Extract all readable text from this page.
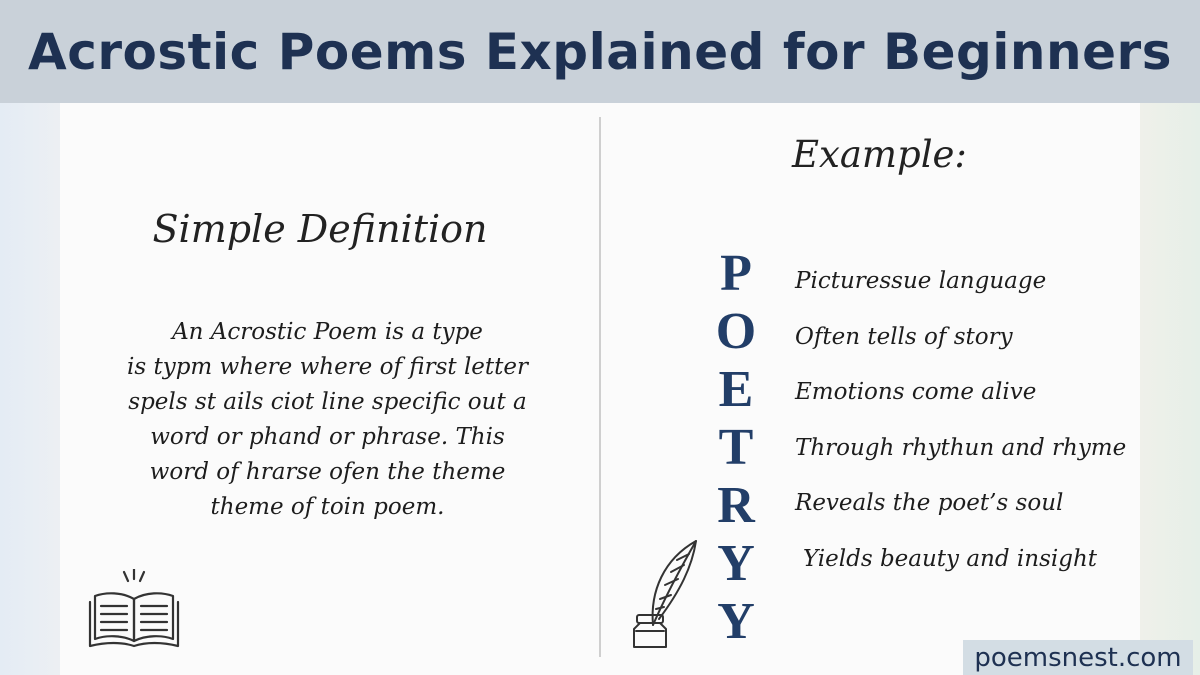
Acrostic Poems Explained for Beginners
Simple Definition
An Acrostic Poem is a type
is typm where where of first letter
spels st ails ciot line specific out a
word or phand or phrase. This
word of hrarse ofen the theme
theme of toin poem.
Example:
P
O
E
T
R
Y
Y
Picturessue language
Often tells of story
Emotions come alive
Through rhythun and rhyme
Reveals the poet’s soul
Yields beauty and insight
poemsnest.com
